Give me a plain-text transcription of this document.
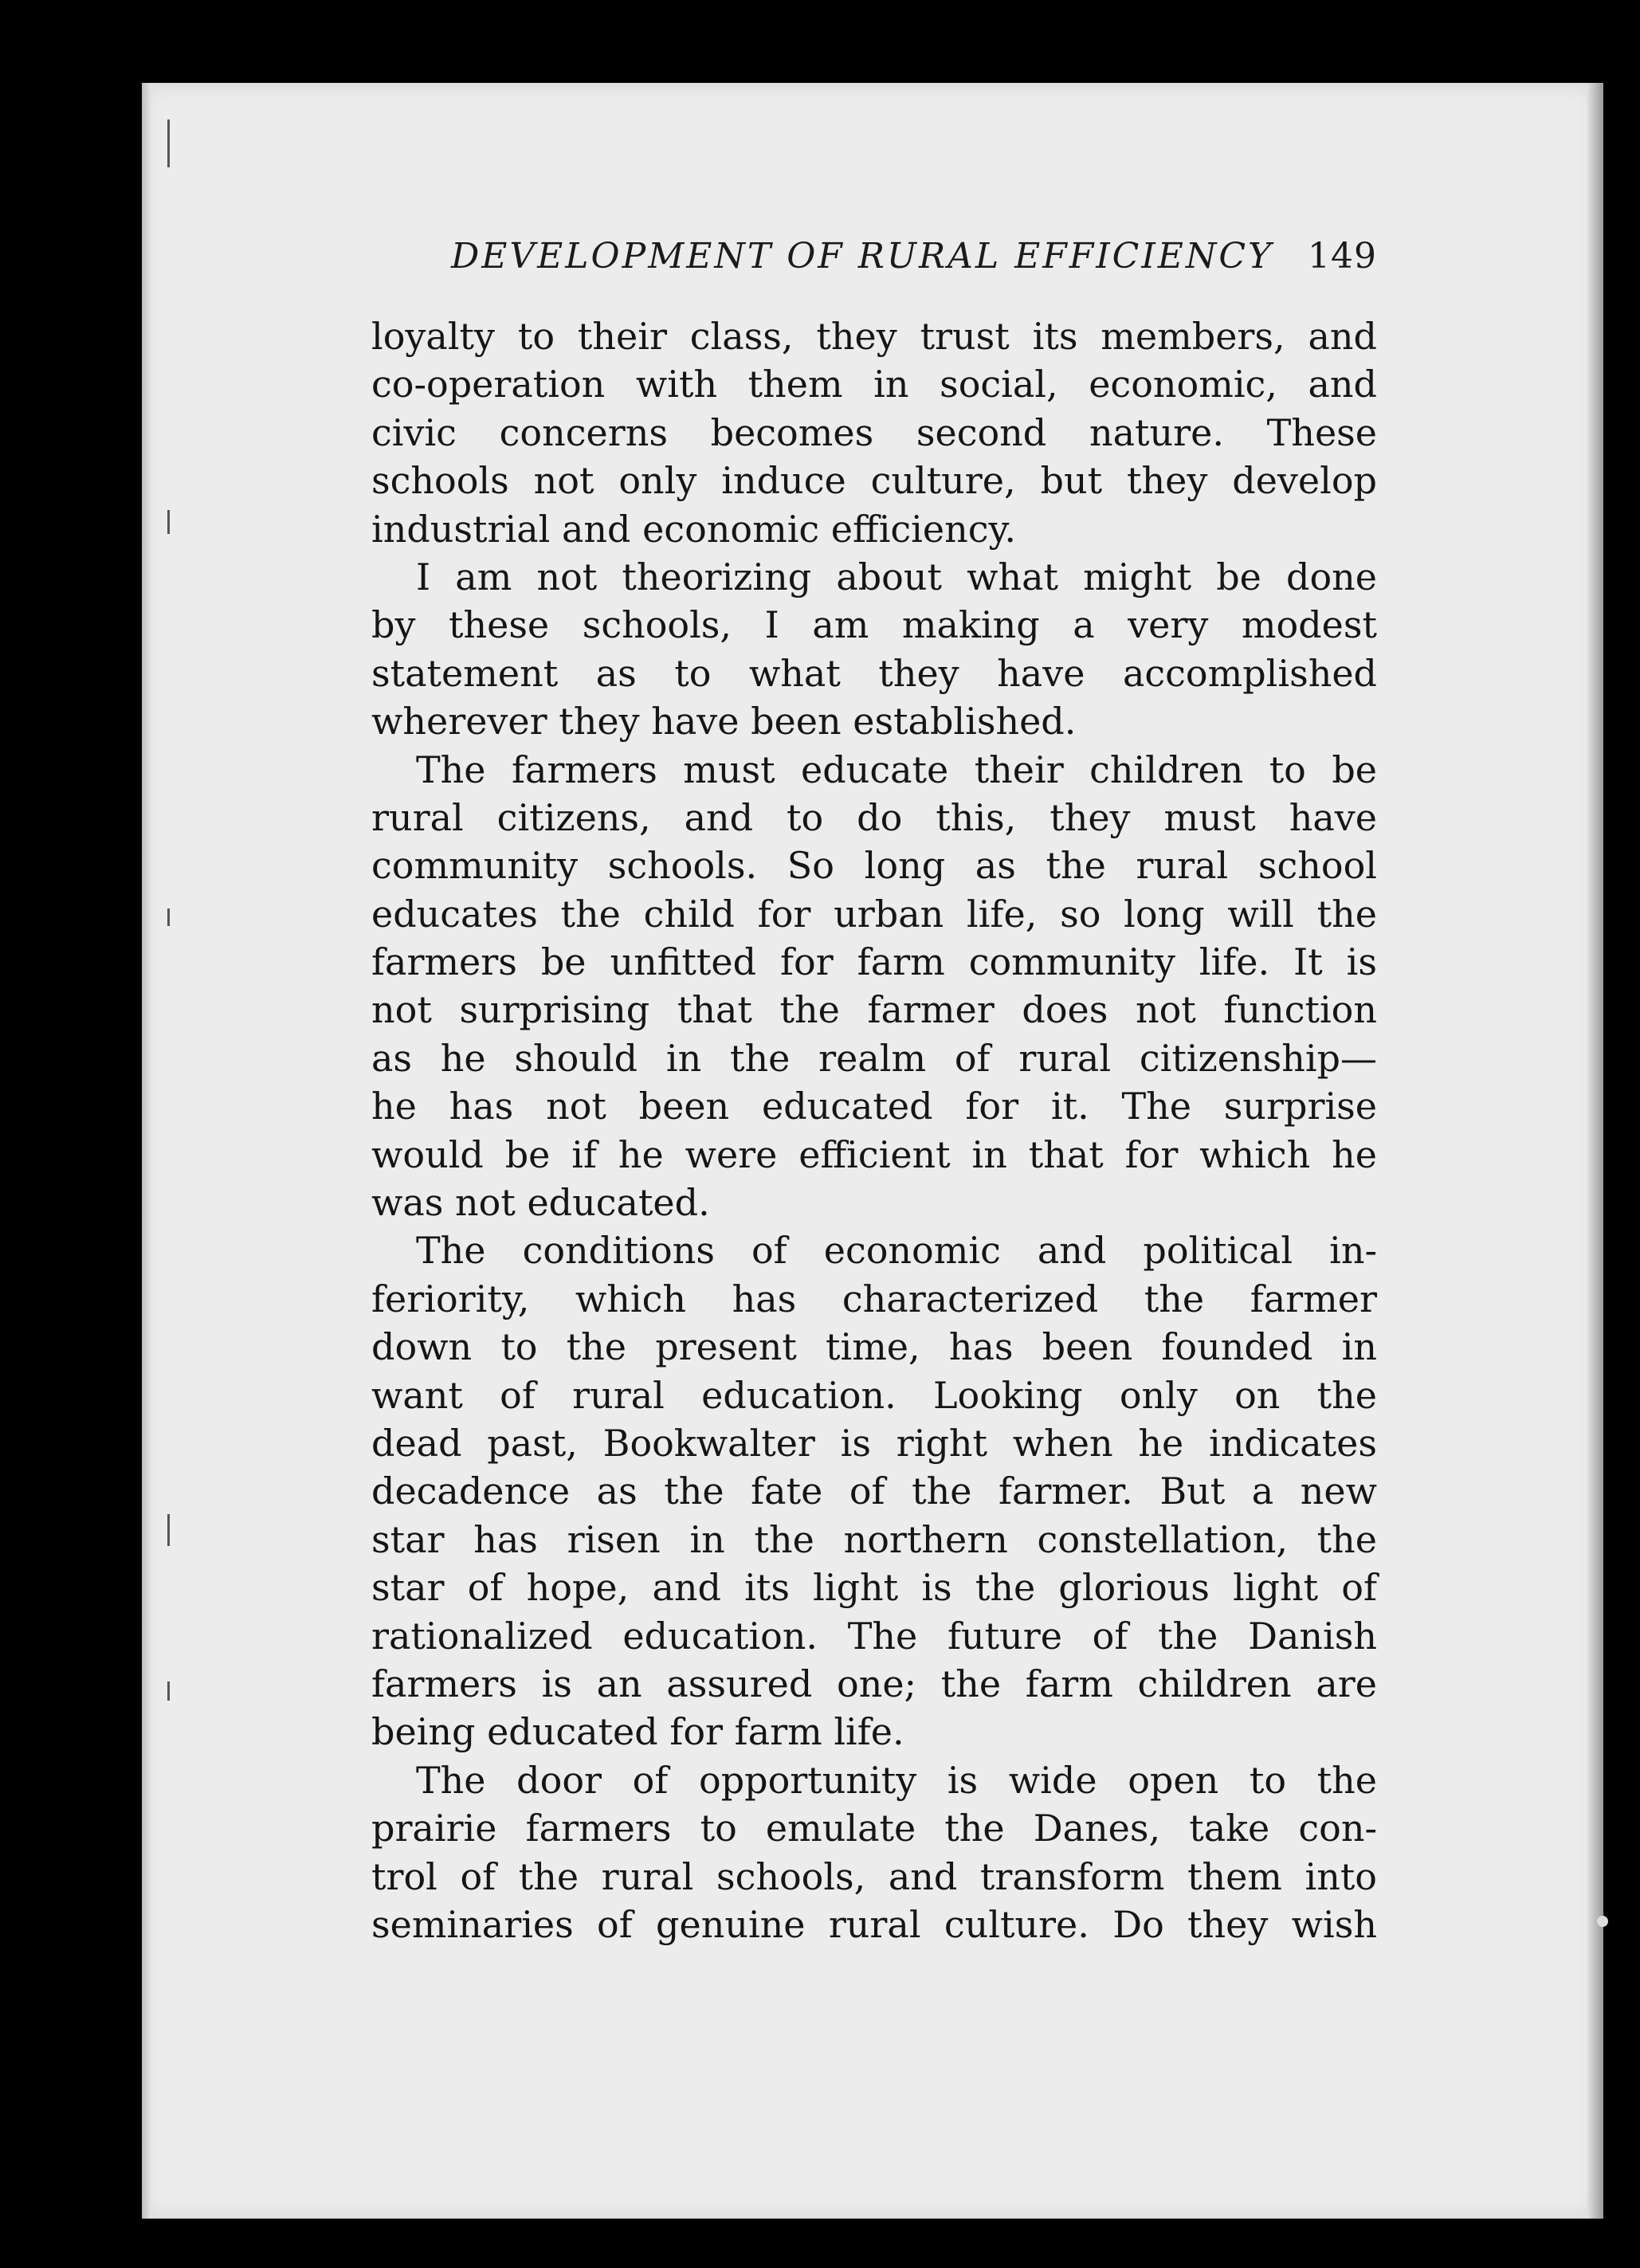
DEVELOPMENT OF RURAL EFFICIENCY 149
loyalty to their class, they trust its members, and
co-operation with them in social, economic, and
civic concerns becomes second nature. These
schools not only induce culture, but they develop
industrial and economic efficiency.
I am not theorizing about what might be done
by these schools, I am making a very modest
statement as to what they have accomplished
wherever they have been established.
The farmers must educate their children to be
rural citizens, and to do this, they must have
community schools. So long as the rural school
educates the child for urban life, so long will the
farmers be unfitted for farm community life. It is
not surprising that the farmer does not function
as he should in the realm of rural citizenship—
he has not been educated for it. The surprise
would be if he were efficient in that for which he
was not educated.
The conditions of economic and political in-
feriority, which has characterized the farmer
down to the present time, has been founded in
want of rural education. Looking only on the
dead past, Bookwalter is right when he indicates
decadence as the fate of the farmer. But a new
star has risen in the northern constellation, the
star of hope, and its light is the glorious light of
rationalized education. The future of the Danish
farmers is an assured one; the farm children are
being educated for farm life.
The door of opportunity is wide open to the
prairie farmers to emulate the Danes, take con-
trol of the rural schools, and transform them into
seminaries of genuine rural culture. Do they wish
